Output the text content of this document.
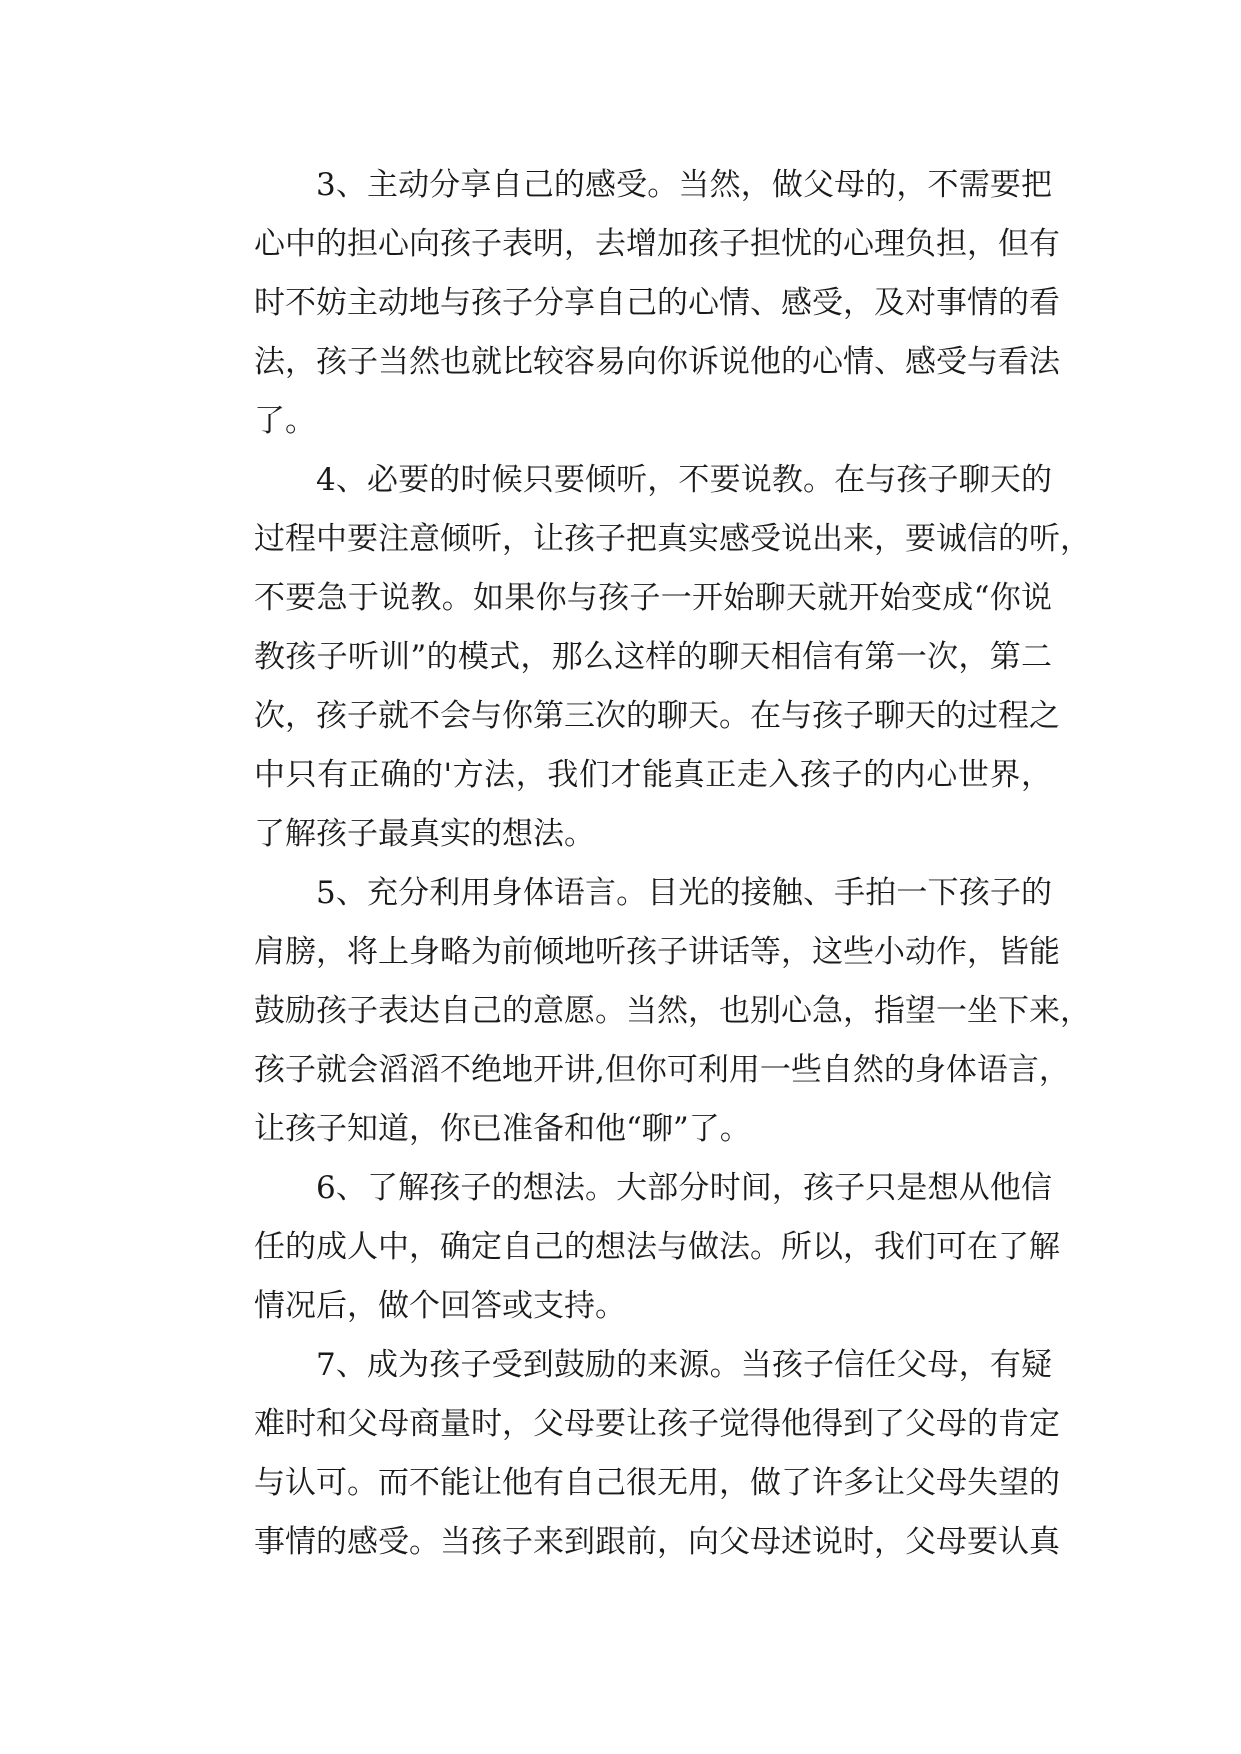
3、主动分享自己的感受。当然，做父母的，不需要把
心中的担心向孩子表明，去增加孩子担忧的心理负担，但有
时不妨主动地与孩子分享自己的心情、感受，及对事情的看
法，孩子当然也就比较容易向你诉说他的心情、感受与看法
了。
4、必要的时候只要倾听，不要说教。在与孩子聊天的
过程中要注意倾听，让孩子把真实感受说出来，要诚信的听，
不要急于说教。如果你与孩子一开始聊天就开始变成“你说
教孩子听训”的模式，那么这样的聊天相信有第一次，第二
次，孩子就不会与你第三次的聊天。在与孩子聊天的过程之
中只有正确的'方法，我们才能真正走入孩子的内心世界，
了解孩子最真实的想法。
5、充分利用身体语言。目光的接触、手拍一下孩子的
肩膀，将上身略为前倾地听孩子讲话等，这些小动作，皆能
鼓励孩子表达自己的意愿。当然，也别心急，指望一坐下来，
孩子就会滔滔不绝地开讲,但你可利用一些自然的身体语言，
让孩子知道，你已准备和他“聊”了。
6、了解孩子的想法。大部分时间，孩子只是想从他信
任的成人中，确定自己的想法与做法。所以，我们可在了解
情况后，做个回答或支持。
7、成为孩子受到鼓励的来源。当孩子信任父母，有疑
难时和父母商量时，父母要让孩子觉得他得到了父母的肯定
与认可。而不能让他有自己很无用，做了许多让父母失望的
事情的感受。当孩子来到跟前，向父母述说时，父母要认真
